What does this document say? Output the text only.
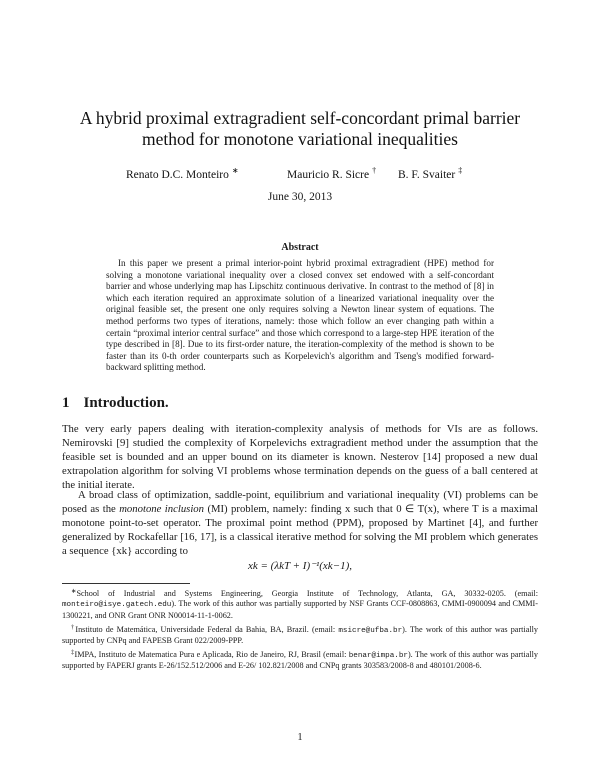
A hybrid proximal extragradient self-concordant primal barrier method for monotone variational inequalities
Renato D.C. Monteiro ∗	Mauricio R. Sicre † B. F. Svaiter ‡
June 30, 2013
Abstract
In this paper we present a primal interior-point hybrid proximal extragradient (HPE) method for solving a monotone variational inequality over a closed convex set endowed with a self-concordant barrier and whose underlying map has Lipschitz continuous derivative. In contrast to the method of [8] in which each iteration required an approximate solution of a linearized variational inequality over the original feasible set, the present one only requires solving a Newton linear system of equations. The method performs two types of iterations, namely: those which follow an ever changing path within a certain “proximal interior central surface” and those which correspond to a large-step HPE iteration of the type described in [8]. Due to its first-order nature, the iteration-complexity of the method is shown to be faster than its 0-th order counterparts such as Korpelevich's algorithm and Tseng's modified forward-backward splitting method.
1 Introduction.
The very early papers dealing with iteration-complexity analysis of methods for VIs are as follows. Nemirovski [9] studied the complexity of Korpelevichs extragradient method under the assumption that the feasible set is bounded and an upper bound on its diameter is known. Nesterov [14] proposed a new dual extrapolation algorithm for solving VI problems whose termination depends on the guess of a ball centered at the initial iterate.
A broad class of optimization, saddle-point, equilibrium and variational inequality (VI) problems can be posed as the monotone inclusion (MI) problem, namely: finding x such that 0 ∈ T(x), where T is a maximal monotone point-to-set operator. The proximal point method (PPM), proposed by Martinet [4], and further generalized by Rockafellar [16, 17], is a classical iterative method for solving the MI problem which generates a sequence {xk} according to
xk = (λkT + I)⁻¹(xk−1),

∗School of Industrial and Systems Engineering, Georgia Institute of Technology, Atlanta, GA, 30332-0205. (email: monteiro@isye.gatech.edu). The work of this author was partially supported by NSF Grants CCF-0808863, CMMI-0900094 and CMMI-1300221, and ONR Grant ONR N00014-11-1-0062.

†Instituto de Matemática, Universidade Federal da Bahia, BA, Brazil. (email: msicre@ufba.br). The work of this author was partially supported by CNPq and FAPESB Grant 022/2009-PPP.

‡IMPA, Instituto de Matematica Pura e Aplicada, Rio de Janeiro, RJ, Brasil (email: benar@impa.br). The work of this author was partially supported by FAPERJ grants E-26/152.512/2006 and E-26/ 102.821/2008 and CNPq grants 303583/2008-8 and 480101/2008-6.

1
